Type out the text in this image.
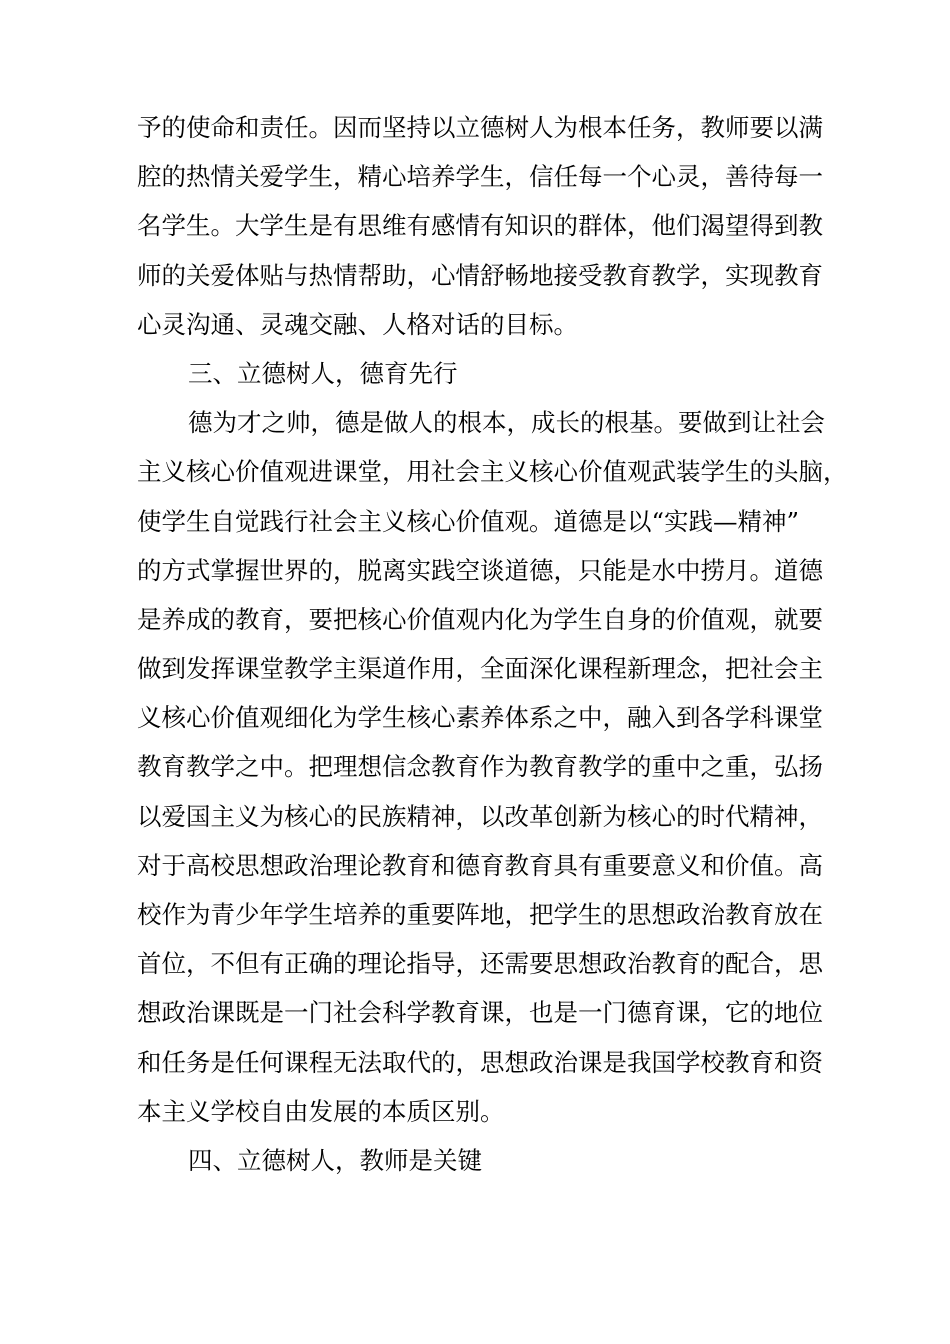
予的使命和责任。因而坚持以立德树人为根本任务，教师要以满
腔的热情关爱学生，精心培养学生，信任每一个心灵，善待每一
名学生。大学生是有思维有感情有知识的群体，他们渴望得到教
师的关爱体贴与热情帮助，心情舒畅地接受教育教学，实现教育
心灵沟通、灵魂交融、人格对话的目标。
三、立德树人，德育先行
德为才之帅，德是做人的根本，成长的根基。要做到让社会
主义核心价值观进课堂，用社会主义核心价值观武装学生的头脑，
使学生自觉践行社会主义核心价值观。道德是以“实践—精神”
的方式掌握世界的，脱离实践空谈道德，只能是水中捞月。道德
是养成的教育，要把核心价值观内化为学生自身的价值观，就要
做到发挥课堂教学主渠道作用，全面深化课程新理念，把社会主
义核心价值观细化为学生核心素养体系之中，融入到各学科课堂
教育教学之中。把理想信念教育作为教育教学的重中之重，弘扬
以爱国主义为核心的民族精神，以改革创新为核心的时代精神，
对于高校思想政治理论教育和德育教育具有重要意义和价值。高
校作为青少年学生培养的重要阵地，把学生的思想政治教育放在
首位，不但有正确的理论指导，还需要思想政治教育的配合，思
想政治课既是一门社会科学教育课，也是一门德育课，它的地位
和任务是任何课程无法取代的，思想政治课是我国学校教育和资
本主义学校自由发展的本质区别。
四、立德树人，教师是关键
